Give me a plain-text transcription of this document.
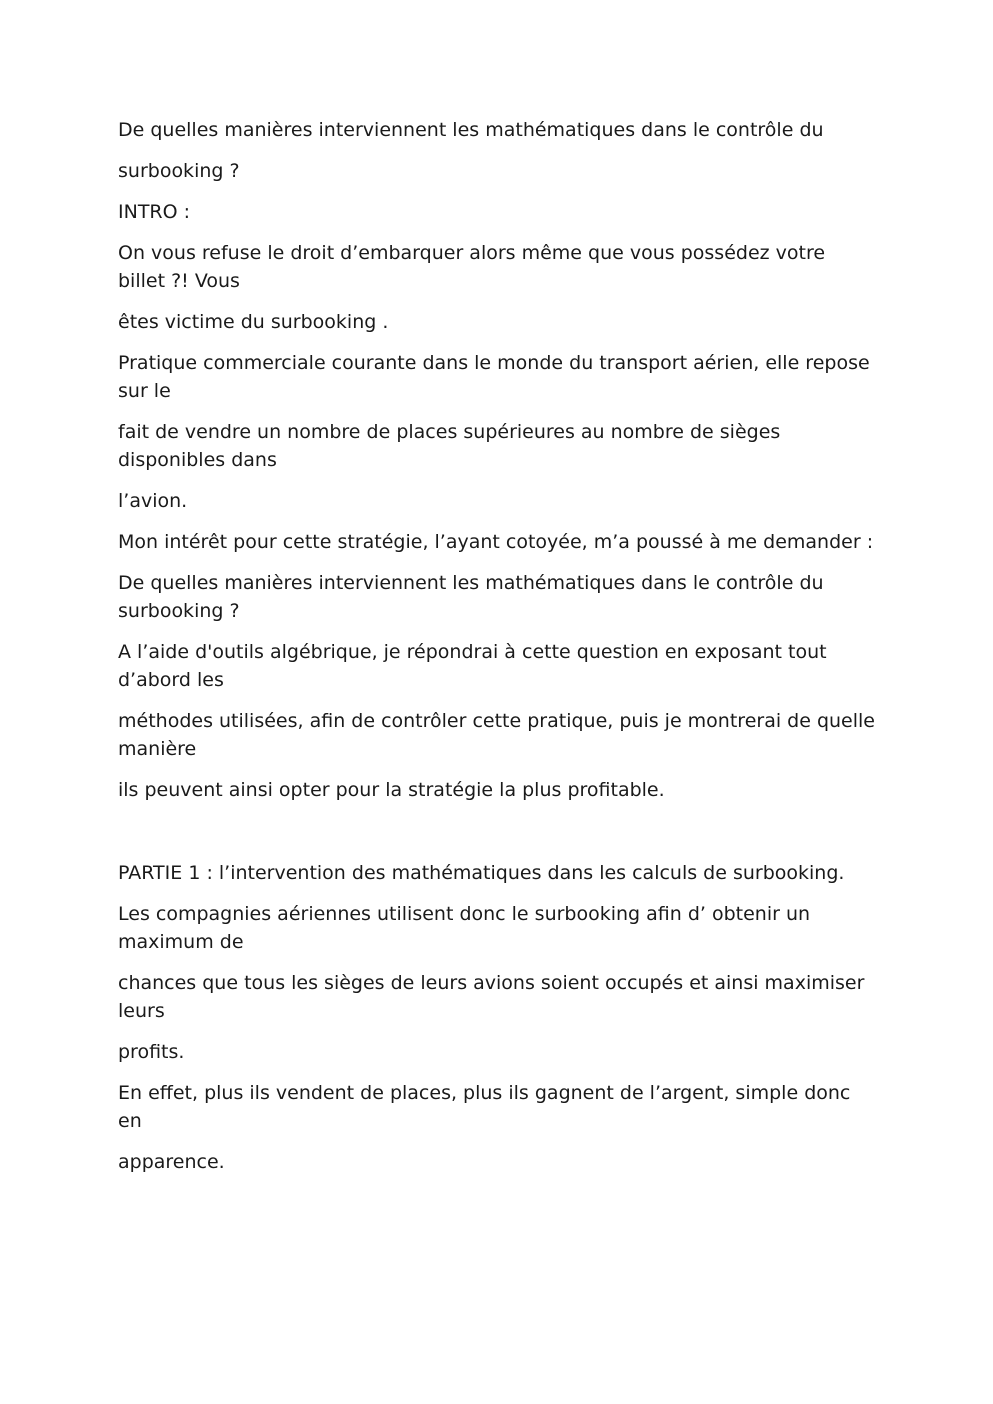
De quelles manières interviennent les mathématiques dans le contrôle du

surbooking ?

INTRO :

On vous refuse le droit d’embarquer alors même que vous possédez votre billet ?! Vous

êtes victime du surbooking .

Pratique commerciale courante dans le monde du transport aérien, elle repose sur le

fait de vendre un nombre de places supérieures au nombre de sièges disponibles dans

l’avion.

Mon intérêt pour cette stratégie, l’ayant cotoyée, m’a poussé à me demander :

De quelles manières interviennent les mathématiques dans le contrôle du surbooking ?

A l’aide d'outils algébrique, je répondrai à cette question en exposant tout d’abord les

méthodes utilisées, afin de contrôler cette pratique, puis je montrerai de quelle manière

ils peuvent ainsi opter pour la stratégie la plus profitable.

PARTIE 1 : l’intervention des mathématiques dans les calculs de surbooking.

Les compagnies aériennes utilisent donc le surbooking afin d’ obtenir un maximum de

chances que tous les sièges de leurs avions soient occupés et ainsi maximiser leurs

profits.

En effet, plus ils vendent de places, plus ils gagnent de l’argent, simple donc en

apparence.
